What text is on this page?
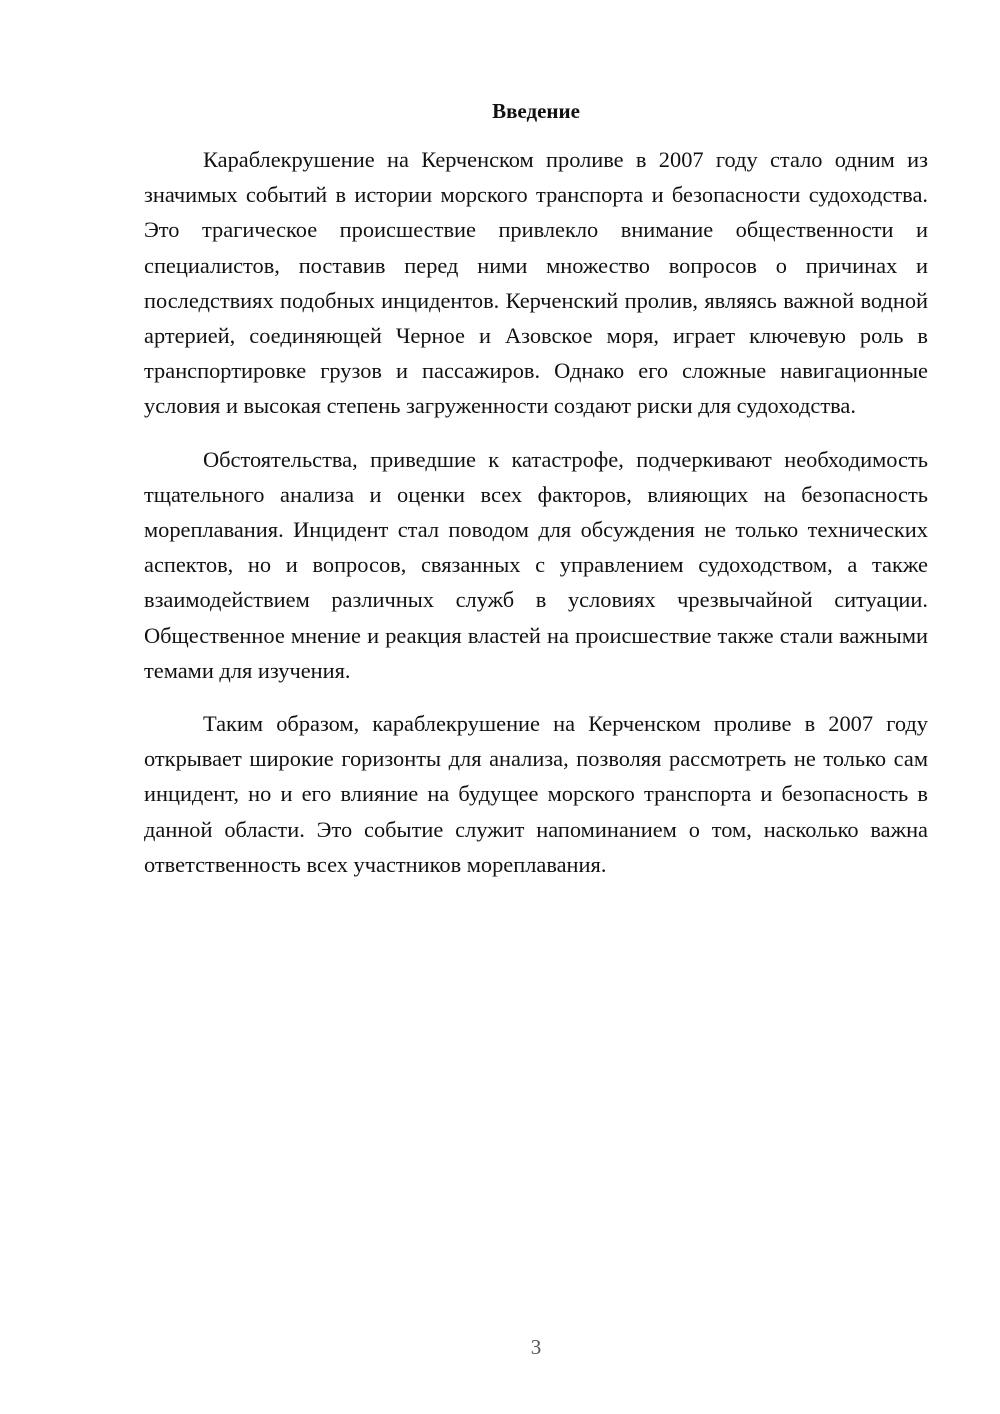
Введение

Караблекрушение на Керченском проливе в 2007 году стало одним из значимых событий в истории морского транспорта и безопасности судоходства. Это трагическое происшествие привлекло внимание общественности и специалистов, поставив перед ними множество вопросов о причинах и последствиях подобных инцидентов. Керченский пролив, являясь важной водной артерией, соединяющей Черное и Азовское моря, играет ключевую роль в транспортировке грузов и пассажиров. Однако его сложные навигационные условия и высокая степень загруженности создают риски для судоходства.

Обстоятельства, приведшие к катастрофе, подчеркивают необходимость тщательного анализа и оценки всех факторов, влияющих на безопасность мореплавания. Инцидент стал поводом для обсуждения не только технических аспектов, но и вопросов, связанных с управлением судоходством, а также взаимодействием различных служб в условиях чрезвычайной ситуации. Общественное мнение и реакция властей на происшествие также стали важными темами для изучения.

Таким образом, караблекрушение на Керченском проливе в 2007 году открывает широкие горизонты для анализа, позволяя рассмотреть не только сам инцидент, но и его влияние на будущее морского транспорта и безопасность в данной области. Это событие служит напоминанием о том, насколько важна ответственность всех участников мореплавания.

3
